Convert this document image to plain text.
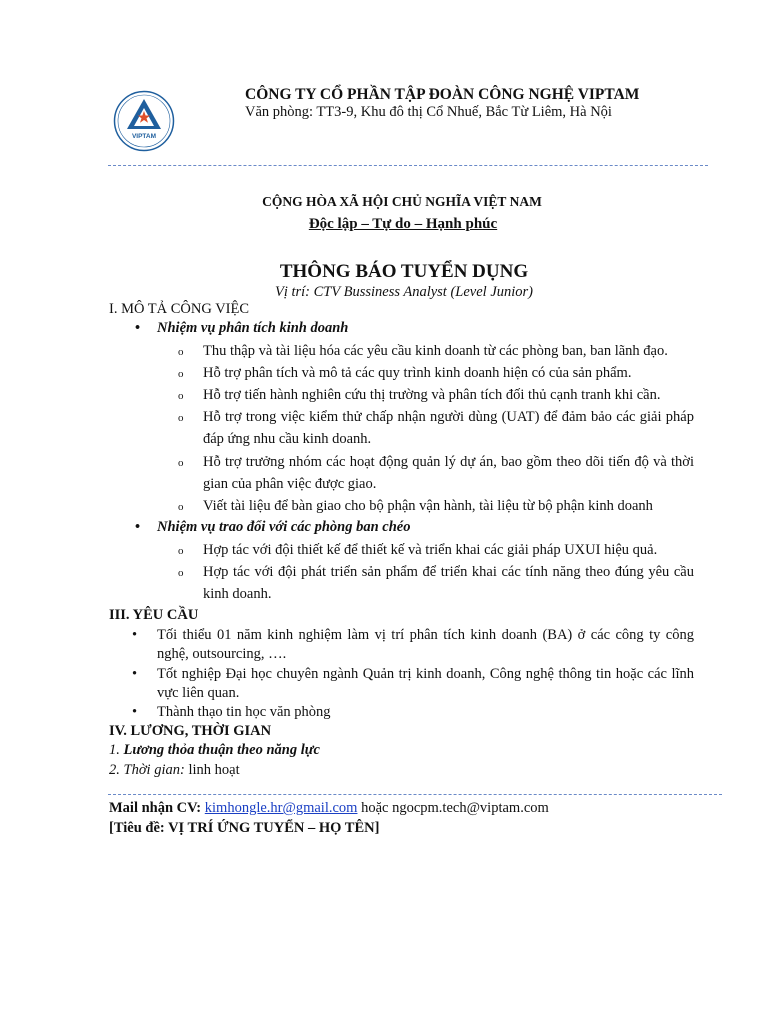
VIPTAM
CÔNG TY CỔ PHẦN TẬP ĐOÀN CÔNG NGHỆ VIPTAM
Văn phòng: TT3-9, Khu đô thị Cổ Nhuế, Bắc Từ Liêm, Hà Nội
CỘNG HÒA XÃ HỘI CHỦ NGHĨA VIỆT NAM
Độc lập – Tự do – Hạnh phúc
THÔNG BÁO TUYỂN DỤNG
Vị trí: CTV Bussiness Analyst (Level Junior)
I. MÔ TẢ CÔNG VIỆC
• Nhiệm vụ phân tích kinh doanh
o Thu thập và tài liệu hóa các yêu cầu kinh doanh từ các phòng ban, ban lãnh đạo.
o Hỗ trợ phân tích và mô tả các quy trình kinh doanh hiện có của sản phẩm.
o Hỗ trợ tiến hành nghiên cứu thị trường và phân tích đối thủ cạnh tranh khi cần.
o Hỗ trợ trong việc kiểm thử chấp nhận người dùng (UAT) để đảm bảo các giải pháp đáp ứng nhu cầu kinh doanh.
o Hỗ trợ trưởng nhóm các hoạt động quản lý dự án, bao gồm theo dõi tiến độ và thời gian của phân việc được giao.
o Viết tài liệu để bàn giao cho bộ phận vận hành, tài liệu từ bộ phận kinh doanh
• Nhiệm vụ trao đổi với các phòng ban chéo
o Hợp tác với đội thiết kế để thiết kế và triển khai các giải pháp UXUI hiệu quả.
o Hợp tác với đội phát triển sản phẩm để triển khai các tính năng theo đúng yêu cầu kinh doanh.
III. YÊU CẦU
• Tối thiểu 01 năm kinh nghiệm làm vị trí phân tích kinh doanh (BA) ở các công ty công nghệ, outsourcing, ….
• Tốt nghiệp Đại học chuyên ngành Quản trị kinh doanh, Công nghệ thông tin hoặc các lĩnh vực liên quan.
• Thành thạo tin học văn phòng
IV. LƯƠNG, THỜI GIAN
1. Lương thỏa thuận theo năng lực
2. Thời gian: linh hoạt
Mail nhận CV: kimhongle.hr@gmail.com hoặc ngocpm.tech@viptam.com
[Tiêu đề: VỊ TRÍ ỨNG TUYỂN – HỌ TÊN]
